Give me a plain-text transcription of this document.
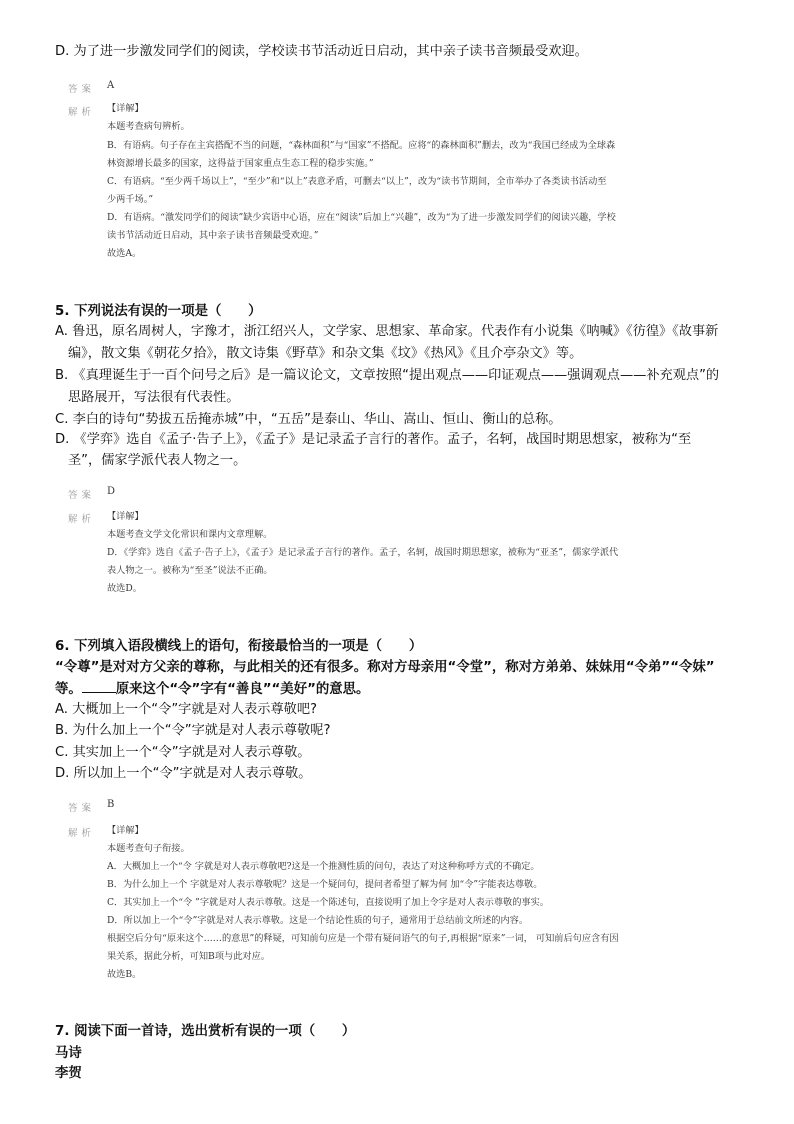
D. 为了进一步激发同学们的阅读，学校读书节活动近日启动，其中亲子读书音频最受欢迎。
答案 A
解析 【详解】
本题考查病句辨析。
B．有语病。句子存在主宾搭配不当的问题，“森林面积”与“国家”不搭配。应将“的森林面积”删去，改为“我国已经成为全球森
林资源增长最多的国家，这得益于国家重点生态工程的稳步实施。”
C．有语病。“至少两千场以上”，“至少”和“以上”表意矛盾，可删去“以上”，改为“读书节期间，全市举办了各类读书活动至
少两千场。”
D．有语病。“激发同学们的阅读”缺少宾语中心语，应在“阅读”后加上“兴趣”，改为“为了进一步激发同学们的阅读兴趣，学校
读书节活动近日启动，其中亲子读书音频最受欢迎。”
故选A。
5. 下列说法有误的一项是（　　）
A. 鲁迅，原名周树人，字豫才，浙江绍兴人，文学家、思想家、革命家。代表作有小说集《呐喊》《彷徨》《故事新
编》，散文集《朝花夕拾》，散文诗集《野草》和杂文集《坟》《热风》《且介亭杂文》等。
B. 《真理诞生于一百个问号之后》是一篇议论文，文章按照“提出观点——印证观点——强调观点——补充观点”的
思路展开，写法很有代表性。
C. 李白的诗句“势拔五岳掩赤城”中，“五岳”是泰山、华山、嵩山、恒山、衡山的总称。
D. 《学弈》选自《孟子·告子上》，《孟子》是记录孟子言行的著作。孟子，名轲，战国时期思想家，被称为“至
圣”，儒家学派代表人物之一。
答案 D
解析 【详解】
本题考查文学文化常识和课内文章理解。
D．《学弈》选自《孟子·告子上》，《孟子》是记录孟子言行的著作。孟子，名轲，战国时期思想家，被称为“亚圣”，儒家学派代
表人物之一。被称为“至圣”说法不正确。
故选D。
6. 下列填入语段横线上的语句，衔接最恰当的一项是（　　）
“令尊”是对对方父亲的尊称，与此相关的还有很多。称对方母亲用“令堂”，称对方弟弟、妹妹用“令弟”“令妹”
等。	原来这个“令”字有“善良”“美好”的意思。
A. 大概加上一个“令”字就是对人表示尊敬吧?
B. 为什么加上一个“令”字就是对人表示尊敬呢?
C. 其实加上一个“令”字就是对人表示尊敬。
D. 所以加上一个“令”字就是对人表示尊敬。
答案 B
解析 【详解】
本题考查句子衔接。
A．大概加上一个“令 字就是对人表示尊敬吧?这是一个推测性质的问句，表达了对这种称呼方式的不确定。
B．为什么加上一个 字就是对人表示尊敬呢？这是一个疑问句，提问者希望了解为何 加“令”字能表达尊敬。
C．其实加上一个“令 ”字就是对人表示尊敬。这是一个陈述句，直接说明了加上令字是对人表示尊敬的事实。
D．所以加上一个“令”字就是对人表示尊敬。这是一个结论性质的句子，通常用于总结前文所述的内容。
根据空后分句“原来这个……的意思”的释疑，可知前句应是一个带有疑问语气的句子,再根据“原来”一词， 可知前后句应含有因
果关系，据此分析，可知B项与此对应。
故选B。
7. 阅读下面一首诗，选出赏析有误的一项（　　）
马诗
李贺
